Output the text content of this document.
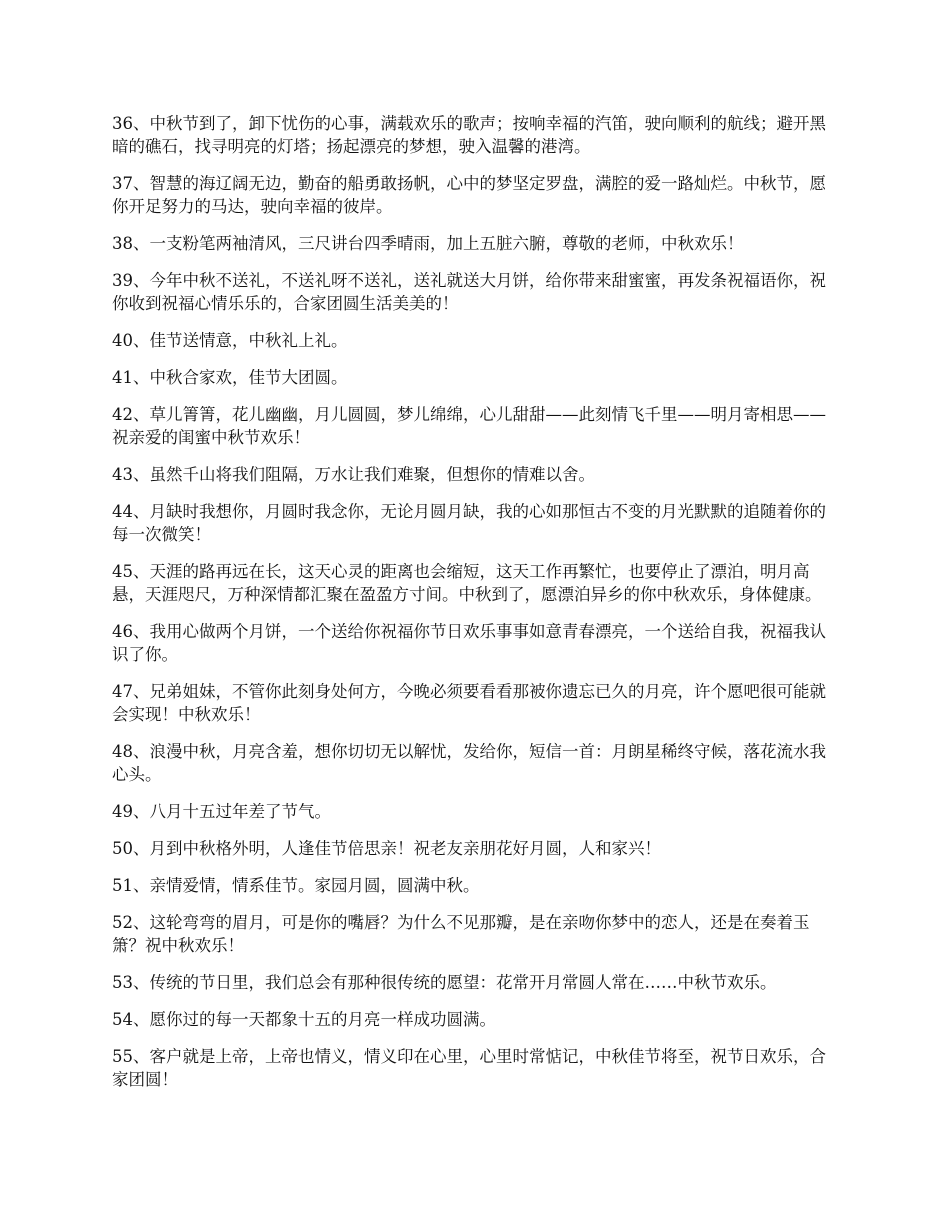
36、中秋节到了，卸下忧伤的心事，满载欢乐的歌声；按响幸福的汽笛，驶向顺利的航线；避开黑暗的礁石，找寻明亮的灯塔；扬起漂亮的梦想，驶入温馨的港湾。

37、智慧的海辽阔无边，勤奋的船勇敢扬帆，心中的梦坚定罗盘，满腔的爱一路灿烂。中秋节，愿你开足努力的马达，驶向幸福的彼岸。

38、一支粉笔两袖清风，三尺讲台四季晴雨，加上五脏六腑，尊敬的老师，中秋欢乐！

39、今年中秋不送礼，不送礼呀不送礼，送礼就送大月饼，给你带来甜蜜蜜，再发条祝福语你，祝你收到祝福心情乐乐的，合家团圆生活美美的！

40、佳节送情意，中秋礼上礼。

41、中秋合家欢，佳节大团圆。

42、草儿箐箐，花儿幽幽，月儿圆圆，梦儿绵绵，心儿甜甜——此刻情飞千里——明月寄相思——祝亲爱的闺蜜中秋节欢乐！

43、虽然千山将我们阻隔，万水让我们难聚，但想你的情难以舍。

44、月缺时我想你，月圆时我念你，无论月圆月缺，我的心如那恒古不变的月光默默的追随着你的每一次微笑！

45、天涯的路再远在长，这天心灵的距离也会缩短，这天工作再繁忙，也要停止了漂泊，明月高悬，天涯咫尺，万种深情都汇聚在盈盈方寸间。中秋到了，愿漂泊异乡的你中秋欢乐，身体健康。

46、我用心做两个月饼，一个送给你祝福你节日欢乐事事如意青春漂亮，一个送给自我，祝福我认识了你。

47、兄弟姐妹，不管你此刻身处何方，今晚必须要看看那被你遗忘已久的月亮，许个愿吧很可能就会实现！中秋欢乐！

48、浪漫中秋，月亮含羞，想你切切无以解忧，发给你，短信一首：月朗星稀终守候，落花流水我心头。

49、八月十五过年差了节气。

50、月到中秋格外明，人逢佳节倍思亲！祝老友亲朋花好月圆，人和家兴！

51、亲情爱情，情系佳节。家园月圆，圆满中秋。

52、这轮弯弯的眉月，可是你的嘴唇？为什么不见那瓣，是在亲吻你梦中的恋人，还是在奏着玉箫？祝中秋欢乐！

53、传统的节日里，我们总会有那种很传统的愿望：花常开月常圆人常在……中秋节欢乐。

54、愿你过的每一天都象十五的月亮一样成功圆满。

55、客户就是上帝，上帝也情义，情义印在心里，心里时常惦记，中秋佳节将至，祝节日欢乐，合家团圆！
